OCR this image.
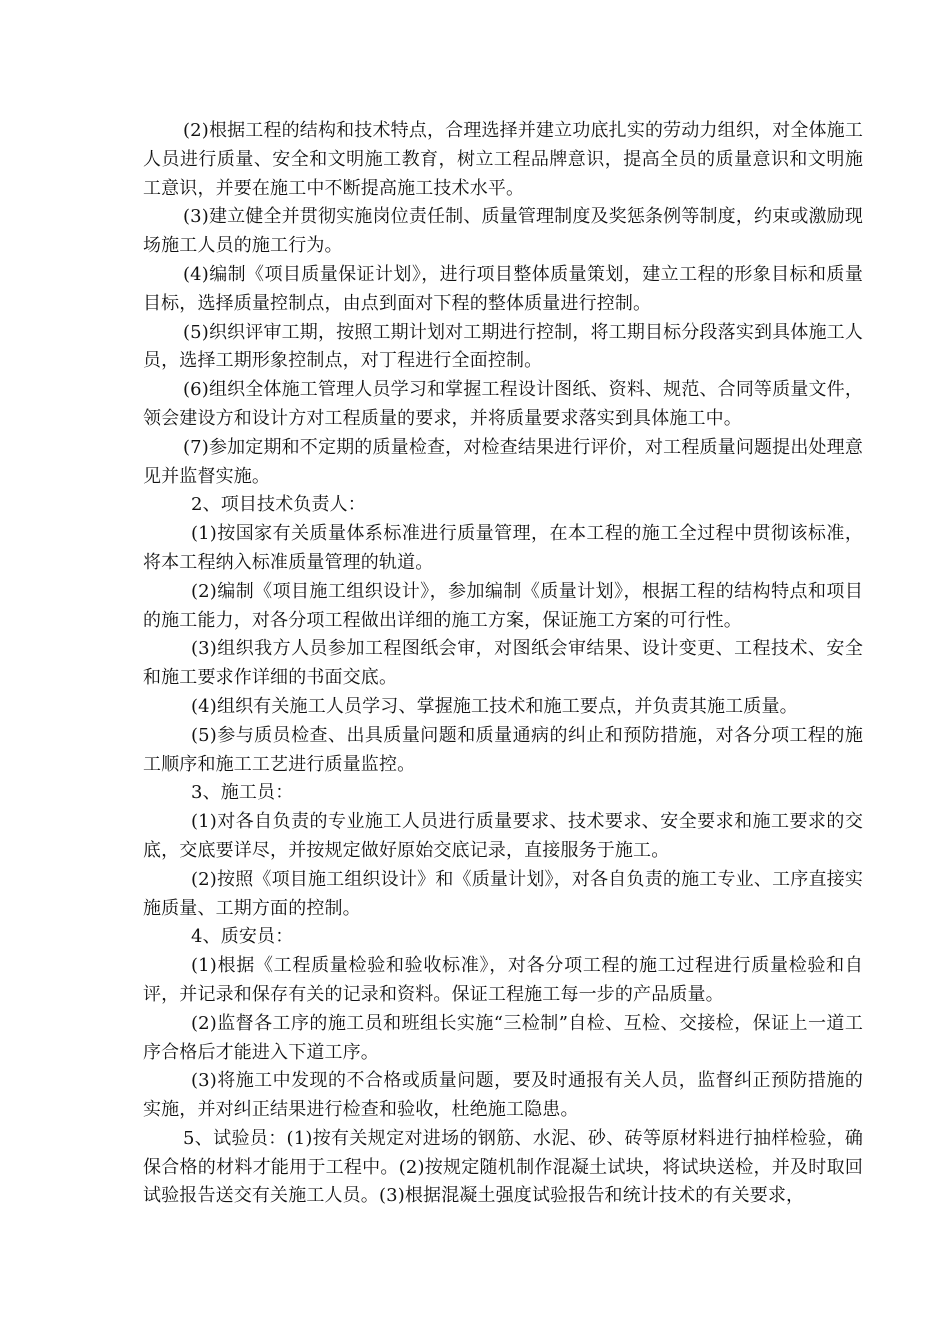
(2)根据工程的结构和技术特点，合理选择并建立功底扎实的劳动力组织，对全体施工人员进行质量、安全和文明施工教育，树立工程品牌意识，提高全员的质量意识和文明施工意识，并要在施工中不断提高施工技术水平。

(3)建立健全并贯彻实施岗位责任制、质量管理制度及奖惩条例等制度，约束或激励现场施工人员的施工行为。

(4)编制《项目质量保证计划》，进行项目整体质量策划，建立工程的形象目标和质量目标，选择质量控制点，由点到面对下程的整体质量进行控制。

(5)织织评审工期，按照工期计划对工期进行控制，将工期目标分段落实到具体施工人员，选择工期形象控制点，对丁程进行全面控制。

(6)组织全体施工管理人员学习和掌握工程设计图纸、资料、规范、合同等质量文件，领会建设方和设计方对工程质量的要求，并将质量要求落实到具体施工中。

(7)参加定期和不定期的质量检查，对检查结果进行评价，对工程质量问题提出处理意见并监督实施。

2、项目技术负责人：

(1)按国家有关质量体系标准进行质量管理，在本工程的施工全过程中贯彻该标准，将本工程纳入标准质量管理的轨道。

(2)编制《项目施工组织设计》，参加编制《质量计划》，根据工程的结构特点和项目的施工能力，对各分项工程做出详细的施工方案，保证施工方案的可行性。

(3)组织我方人员参加工程图纸会审，对图纸会审结果、设计变更、工程技术、安全和施工要求作详细的书面交底。

(4)组织有关施工人员学习、掌握施工技术和施工要点，并负责其施工质量。

(5)参与质员检查、出具质量问题和质量通病的纠止和预防措施，对各分项工程的施工顺序和施工工艺进行质量监控。

3、施工员：

(1)对各自负责的专业施工人员进行质量要求、技术要求、安全要求和施工要求的交底，交底要详尽，并按规定做好原始交底记录，直接服务于施工。

(2)按照《项目施工组织设计》和《质量计划》，对各自负责的施工专业、工序直接实施质量、工期方面的控制。

4、质安员：

(1)根据《工程质量检验和验收标准》，对各分项工程的施工过程进行质量检验和自评，并记录和保存有关的记录和资料。保证工程施工每一步的产品质量。

(2)监督各工序的施工员和班组长实施“三检制”自检、互检、交接检，保证上一道工序合格后才能进入下道工序。

(3)将施工中发现的不合格或质量问题，要及时通报有关人员，监督纠正预防措施的实施，并对纠正结果进行检查和验收，杜绝施工隐患。

5、试验员：(1)按有关规定对进场的钢筋、水泥、砂、砖等原材料进行抽样检验，确保合格的材料才能用于工程中。(2)按规定随机制作混凝土试块，将试块送检，并及时取回试验报告送交有关施工人员。(3)根据混凝土强度试验报告和统计技术的有关要求，
